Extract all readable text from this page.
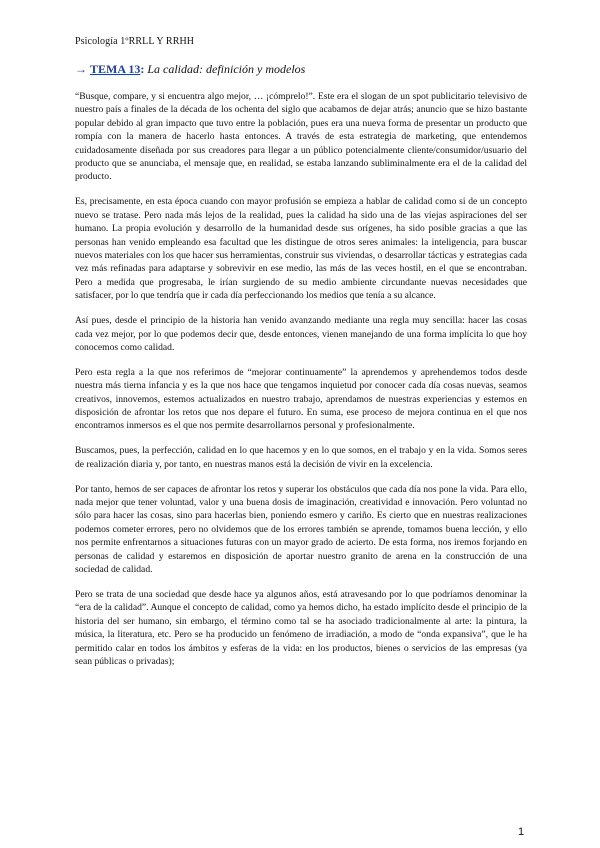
Psicología 1ºRRLL Y RRHH
→ TEMA 13: La calidad: definición y modelos

“Busque, compare, y si encuentra algo mejor, … ¡cómprelo!”. Este era el slogan de un spot publicitario televisivo de nuestro país a finales de la década de los ochenta del siglo que acabamos de dejar atrás; anuncio que se hizo bastante popular debido al gran impacto que tuvo entre la población, pues era una nueva forma de presentar un producto que rompía con la manera de hacerlo hasta entonces. A través de esta estrategia de marketing, que entendemos cuidadosamente diseñada por sus creadores para llegar a un público potencialmente cliente/consumidor/usuario del producto que se anunciaba, el mensaje que, en realidad, se estaba lanzando subliminalmente era el de la calidad del producto.

Es, precisamente, en esta época cuando con mayor profusión se empieza a hablar de calidad como si de un concepto nuevo se tratase. Pero nada más lejos de la realidad, pues la calidad ha sido una de las viejas aspiraciones del ser humano. La propia evolución y desarrollo de la humanidad desde sus orígenes, ha sido posible gracias a que las personas han venido empleando esa facultad que les distingue de otros seres animales: la inteligencia, para buscar nuevos materiales con los que hacer sus herramientas, construir sus viviendas, o desarrollar tácticas y estrategias cada vez más refinadas para adaptarse y sobrevivir en ese medio, las más de las veces hostil, en el que se encontraban. Pero a medida que progresaba, le irían surgiendo de su medio ambiente circundante nuevas necesidades que satisfacer, por lo que tendría que ir cada día perfeccionando los medios que tenía a su alcance.

Así pues, desde el principio de la historia han venido avanzando mediante una regla muy sencilla: hacer las cosas cada vez mejor, por lo que podemos decir que, desde entonces, vienen manejando de una forma implícita lo que hoy conocemos como calidad.

Pero esta regla a la que nos referimos de “mejorar continuamente” la aprendemos y aprehendemos todos desde nuestra más tierna infancia y es la que nos hace que tengamos inquietud por conocer cada día cosas nuevas, seamos creativos, innovemos, estemos actualizados en nuestro trabajo, aprendamos de nuestras experiencias y estemos en disposición de afrontar los retos que nos depare el futuro. En suma, ese proceso de mejora continua en el que nos encontramos inmersos es el que nos permite desarrollarnos personal y profesionalmente.

Buscamos, pues, la perfección, calidad en lo que hacemos y en lo que somos, en el trabajo y en la vida. Somos seres de realización diaria y, por tanto, en nuestras manos está la decisión de vivir en la excelencia.

Por tanto, hemos de ser capaces de afrontar los retos y superar los obstáculos que cada día nos pone la vida. Para ello, nada mejor que tener voluntad, valor y una buena dosis de imaginación, creatividad e innovación. Pero voluntad no sólo para hacer las cosas, sino para hacerlas bien, poniendo esmero y cariño. Es cierto que en nuestras realizaciones podemos cometer errores, pero no olvidemos que de los errores también se aprende, tomamos buena lección, y ello nos permite enfrentarnos a situaciones futuras con un mayor grado de acierto. De esta forma, nos iremos forjando en personas de calidad y estaremos en disposición de aportar nuestro granito de arena en la construcción de una sociedad de calidad.

Pero se trata de una sociedad que desde hace ya algunos años, está atravesando por lo que podríamos denominar la “era de la calidad”. Aunque el concepto de calidad, como ya hemos dicho, ha estado implícito desde el principio de la historia del ser humano, sin embargo, el término como tal se ha asociado tradicionalmente al arte: la pintura, la música, la literatura, etc. Pero se ha producido un fenómeno de irradiación, a modo de “onda expansiva”, que le ha permitido calar en todos los ámbitos y esferas de la vida: en los productos, bienes o servicios de las empresas (ya sean públicas o privadas);

1
